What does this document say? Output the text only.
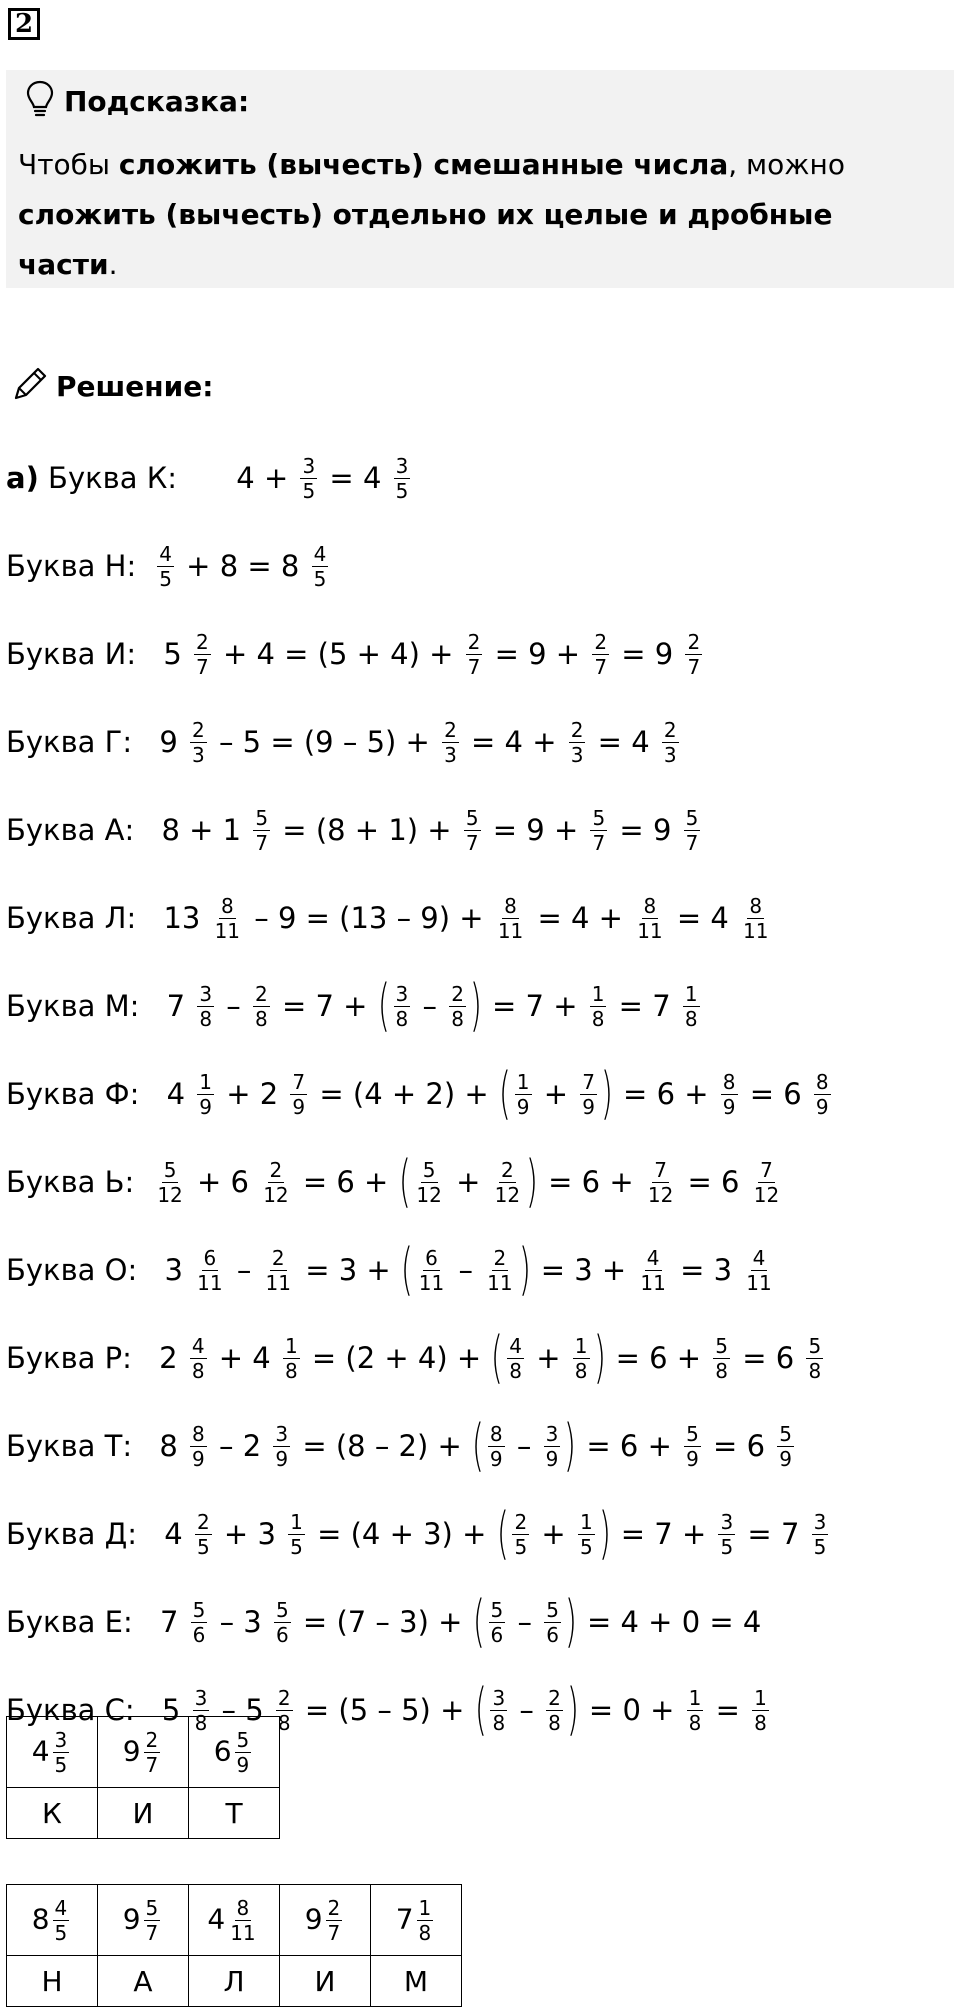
2
Подсказка:
Чтобы сложить (вычесть) смешанные числа, можно сложить (вычесть) отдельно их целые и дробные части.
Решение:
а) Буква К: $4 + \frac{3}{5} = 4 \frac{3}{5}$
Буква Н: $\frac{4}{5} + 8 = 8 \frac{4}{5}$
Буква И: $5 \frac{2}{7} + 4 = (5 + 4) + \frac{2}{7} = 9 + \frac{2}{7} = 9 \frac{2}{7}$
Буква Г: $9 \frac{2}{3} - 5 = (9 - 5) + \frac{2}{3} = 4 + \frac{2}{3} = 4 \frac{2}{3}$
Буква А: $8 + 1 \frac{5}{7} = (8 + 1) + \frac{5}{7} = 9 + \frac{5}{7} = 9 \frac{5}{7}$
Буква Л: $13 \frac{8}{11} - 9 = (13 - 9) + \frac{8}{11} = 4 + \frac{8}{11} = 4 \frac{8}{11}$
Буква М: $7 \frac{3}{8} - \frac{2}{8} = 7$ + ( $\frac{3}{8} - \frac{2}{8}$ ) = $7 + \frac{1}{8} = 7 \frac{1}{8}$
Буква Ф: $4 \frac{1}{9} + 2 \frac{7}{9} = (4 + 2)$ + ( $\frac{1}{9} + \frac{7}{9}$ ) = $6 + \frac{8}{9} = 6 \frac{8}{9}$
Буква Ь: $\frac{5}{12} + 6 \frac{2}{12} = 6$ + ( $\frac{5}{12} + \frac{2}{12}$ ) = $6 + \frac{7}{12} = 6 \frac{7}{12}$
Буква О: $3 \frac{6}{11} - \frac{2}{11} = 3$ + ( $\frac{6}{11} - \frac{2}{11}$ ) = $3 + \frac{4}{11} = 3 \frac{4}{11}$
Буква Р: $2 \frac{4}{8} + 4 \frac{1}{8} = (2 + 4)$ + ( $\frac{4}{8} + \frac{1}{8}$ ) = $6 + \frac{5}{8} = 6 \frac{5}{8}$
Буква Т: $8 \frac{8}{9} - 2 \frac{3}{9} = (8 - 2)$ + ( $\frac{8}{9} - \frac{3}{9}$ ) = $6 + \frac{5}{9} = 6 \frac{5}{9}$
Буква Д: $4 \frac{2}{5} + 3 \frac{1}{5} = (4 + 3)$ + ( $\frac{2}{5} + \frac{1}{5}$ ) = $7 + \frac{3}{5} = 7 \frac{3}{5}$
Буква Е: $7 \frac{5}{6} - 3 \frac{5}{6} = (7 - 3)$ + ( $\frac{5}{6} - \frac{5}{6}$ ) = 4 + 0 = 4
Буква С: $5 \frac{3}{8} - 5 \frac{2}{8} = (5 - 5)$ + ( $\frac{3}{8} - \frac{2}{8}$ ) = $0 + \frac{1}{8} = \frac{1}{8}$
$4 \frac{3}{5}$	$9 \frac{2}{7}$	$6 \frac{5}{9}$

К	И	Т
$8 \frac{4}{5}$	$9 \frac{5}{7}$	$4 \frac{8}{11}$	$9 \frac{2}{7}$	$7 \frac{1}{8}$

Н	А	Л	И	М
